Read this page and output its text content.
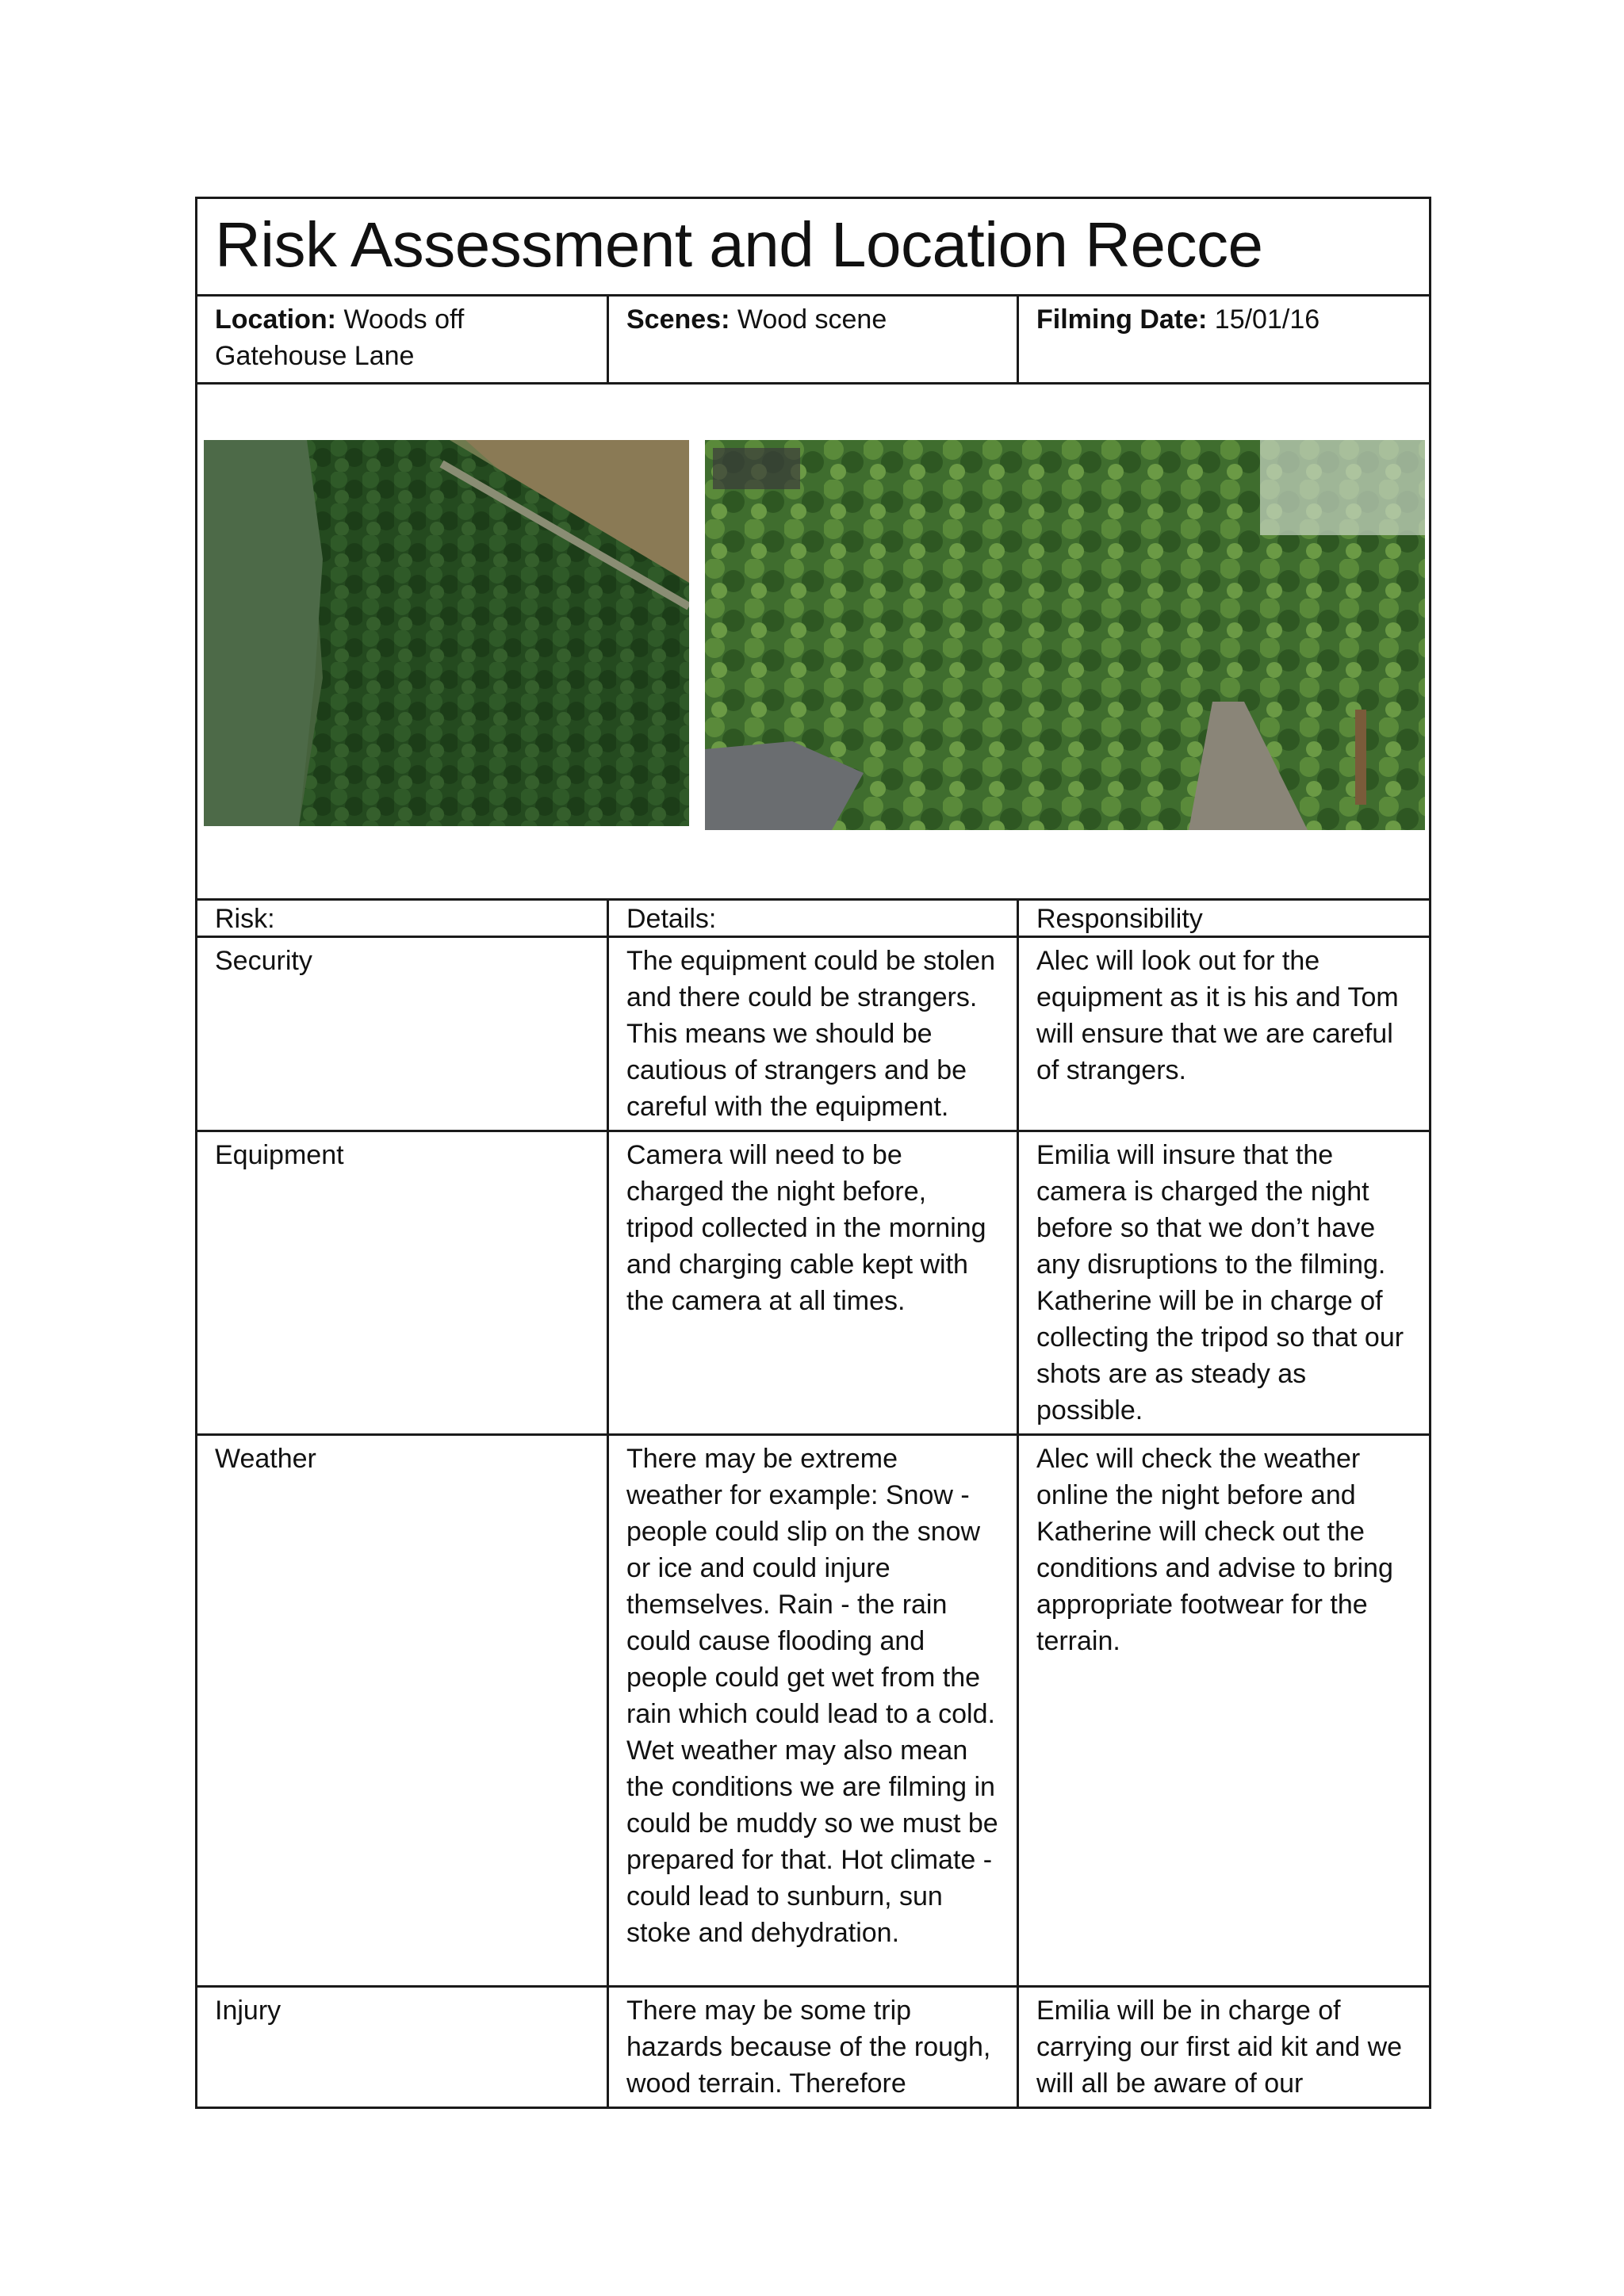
Risk Assessment and Location Recce		

Location: Woods off Gatehouse Lane	Scenes: Wood scene	Filming Date: 15/01/16

Risk:	Details:	Responsibility
Security	The equipment could be stolen and there could be strangers. This means we should be cautious of strangers and be careful with the equipment.	Alec will look out for the equipment as it is his and Tom will ensure that we are careful of strangers.
Equipment	Camera will need to be charged the night before, tripod collected in the morning and charging cable kept with the camera at all times.	Emilia will insure that the camera is charged the night before so that we don’t have any disruptions to the filming. Katherine will be in charge of collecting the tripod so that our shots are as steady as possible.
Weather	There may be extreme weather for example: Snow - people could slip on the snow or ice and could injure themselves. Rain - the rain could cause flooding and people could get wet from the rain which could lead to a cold. Wet weather may also mean the conditions we are filming in could be muddy so we must be prepared for that. Hot climate - could lead to sunburn, sun stoke and dehydration.	Alec will check the weather online the night before and Katherine will check out the conditions and advise to bring appropriate footwear for the terrain.
Injury	There may be some trip hazards because of the rough, wood terrain. Therefore	Emilia will be in charge of carrying our first aid kit and we will all be aware of our
